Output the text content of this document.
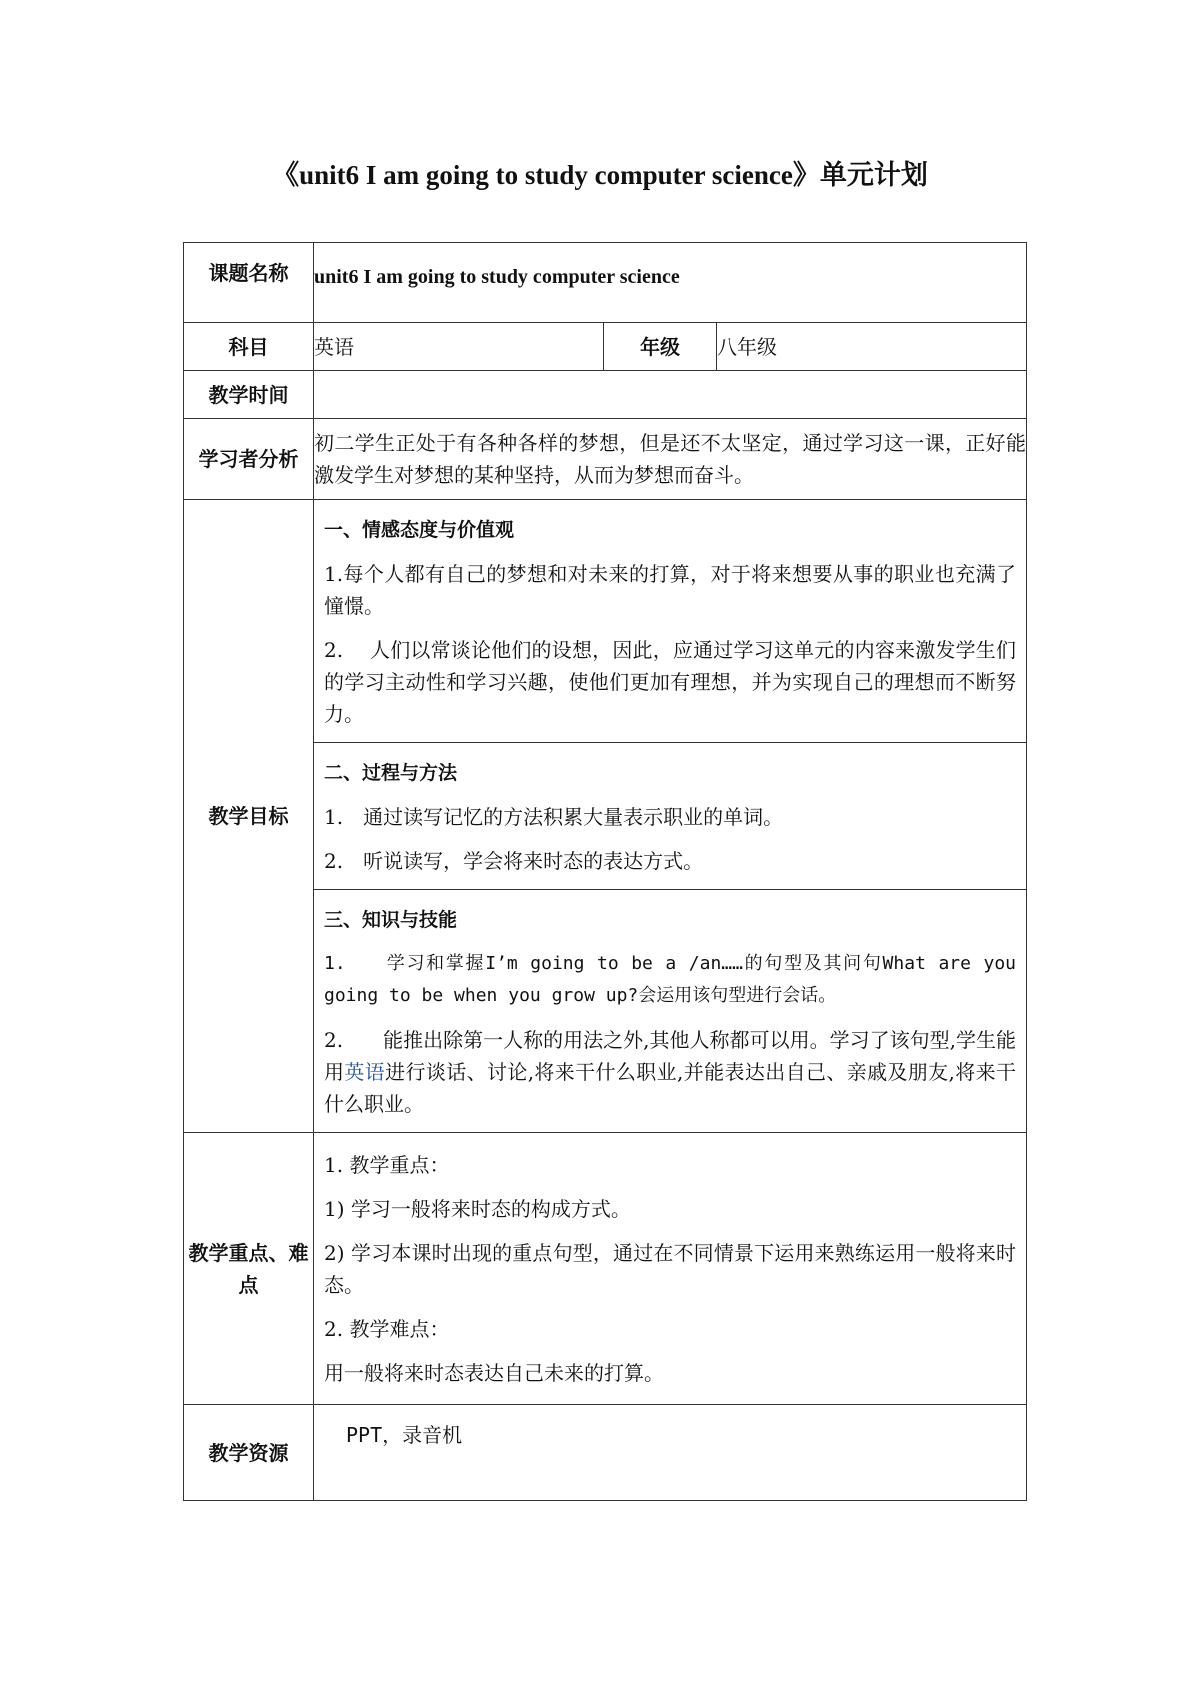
《unit6 I am going to study computer science》单元计划
课题名称	unit6 I am going to study computer science		
科目	英语	年级	八年级
教学时间			
学习者分析	初二学生正处于有各种各样的梦想，但是还不太坚定，通过学习这一课，正好能激发学生对梦想的某种坚持，从而为梦想而奋斗。		
教学目标	一、情感态度与价值观
1.每个人都有自己的梦想和对未来的打算，对于将来想要从事的职业也充满了憧憬。
2.　 人们以常谈论他们的设想，因此，应通过学习这单元的内容来激发学生们的学习主动性和学习兴趣，使他们更加有理想，并为实现自己的理想而不断努力。		

	二、过程与方法
1.　通过读写记忆的方法积累大量表示职业的单词。
2.　听说读写，学会将来时态的表达方式。		

	三、知识与技能
1.　　学习和掌握I’m going to be a /an……的句型及其问句What are you going to be when you grow up?会运用该句型进行会话。
2.　　能推出除第一人称的用法之外,其他人称都可以用。学习了该句型,学生能用英语进行谈话、讨论,将来干什么职业,并能表达出自己、亲戚及朋友,将来干什么职业。		

教学重点、难点	1. 教学重点：
1) 学习一般将来时态的构成方式。
2) 学习本课时出现的重点句型，通过在不同情景下运用来熟练运用一般将来时态。
2. 教学难点：
用一般将来时态表达自己未来的打算。		

教学资源	PPT，录音机		
